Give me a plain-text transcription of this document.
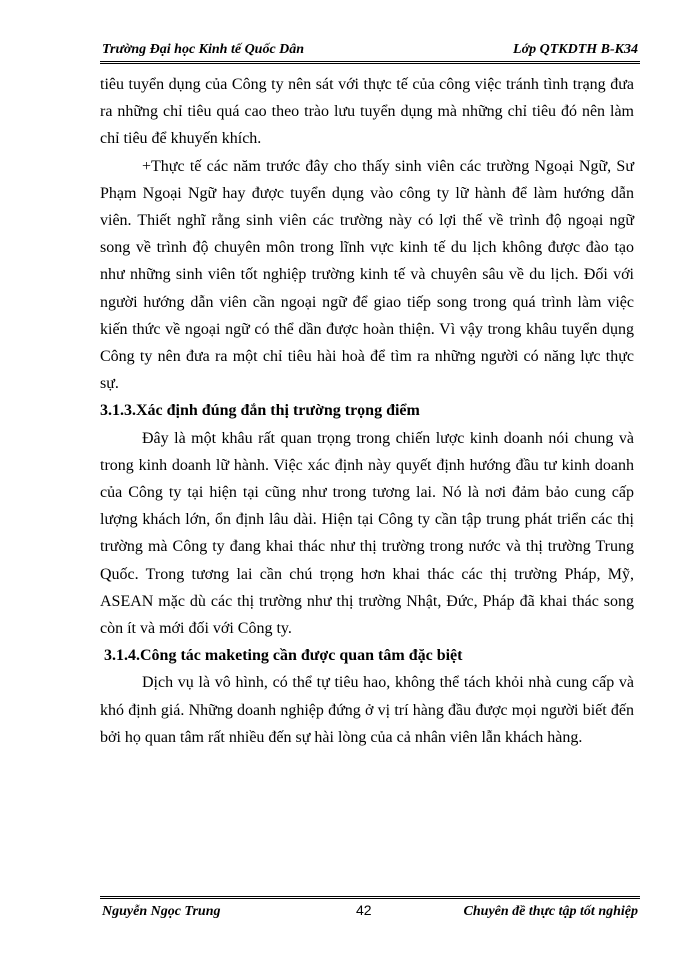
Trường Đại học Kinh tế Quốc Dân	Lớp QTKDTH B-K34

tiêu tuyển dụng của Công ty nên sát với thực tế của công việc tránh tình trạng đưa ra những chỉ tiêu quá cao theo trào lưu tuyển dụng mà những chỉ tiêu đó nên làm chỉ tiêu để khuyến khích.

+Thực tế các năm trước đây cho thấy sinh viên các trường Ngoại Ngữ, Sư Phạm Ngoại Ngữ hay được tuyển dụng vào công ty lữ hành để làm hướng dẫn viên. Thiết nghĩ rằng sinh viên các trường này có lợi thế về trình độ ngoại ngữ song về trình độ chuyên môn trong lĩnh vực kinh tế du lịch không được đào tạo như những sinh viên tốt nghiệp trường kinh tế và chuyên sâu về du lịch. Đối với người hướng dẫn viên cần ngoại ngữ để giao tiếp song trong quá trình làm việc kiến thức về ngoại ngữ có thể dần được hoàn thiện. Vì vậy trong khâu tuyển dụng Công ty nên đưa ra một chỉ tiêu hài hoà để tìm ra những người có năng lực thực sự.

3.1.3.Xác định đúng đắn thị trường trọng điểm

Đây là một khâu rất quan trọng trong chiến lược kinh doanh nói chung và trong kinh doanh lữ hành. Việc xác định này quyết định hướng đầu tư kinh doanh của Công ty tại hiện tại cũng như trong tương lai. Nó là nơi đảm bảo cung cấp lượng khách lớn, ổn định lâu dài. Hiện tại Công ty cần tập trung phát triển các thị trường mà Công ty đang khai thác như thị trường trong nước và thị trường Trung Quốc. Trong tương lai cần chú trọng hơn khai thác các thị trường Pháp, Mỹ, ASEAN mặc dù các thị trường như thị trường Nhật, Đức, Pháp đã khai thác song còn ít và mới đối với Công ty.

3.1.4.Công tác maketing cần được quan tâm đặc biệt

Dịch vụ là vô hình, có thể tự tiêu hao, không thể tách khỏi nhà cung cấp và khó định giá. Những doanh nghiệp đứng ở vị trí hàng đầu được mọi người biết đến bởi họ quan tâm rất nhiều đến sự hài lòng của cả nhân viên lẫn khách hàng.

Nguyễn Ngọc Trung	42	Chuyên đề thực tập tốt nghiệp
